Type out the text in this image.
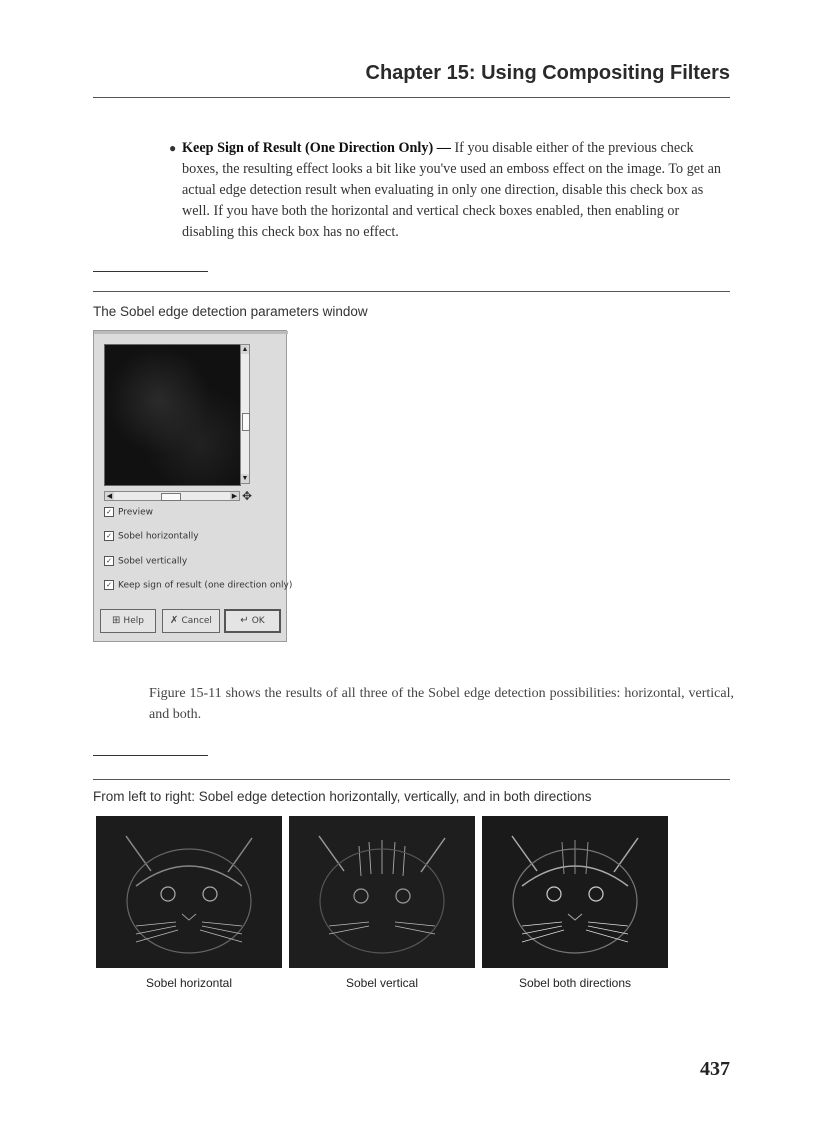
Chapter 15: Using Compositing Filters
● Keep Sign of Result (One Direction Only) — If you disable either of the previous check boxes, the resulting effect looks a bit like you've used an emboss effect on the image. To get an actual edge detection result when evaluating in only one direction, disable this check box as well. If you have both the horizontal and vertical check boxes enabled, then enabling or disabling this check box has no effect.
The Sobel edge detection parameters window
▲
▼
◀	▶ ✥
✓ Preview
✓ Sobel horizontally
✓ Sobel vertically
✓ Keep sign of result (one direction only)
⊞ Help	✗ Cancel	↵ OK
Figure 15-11 shows the results of all three of the Sobel edge detection possibilities: horizontal, vertical, and both.
From left to right: Sobel edge detection horizontally, vertically, and in both directions
Sobel horizontal	Sobel vertical	Sobel both directions
437
